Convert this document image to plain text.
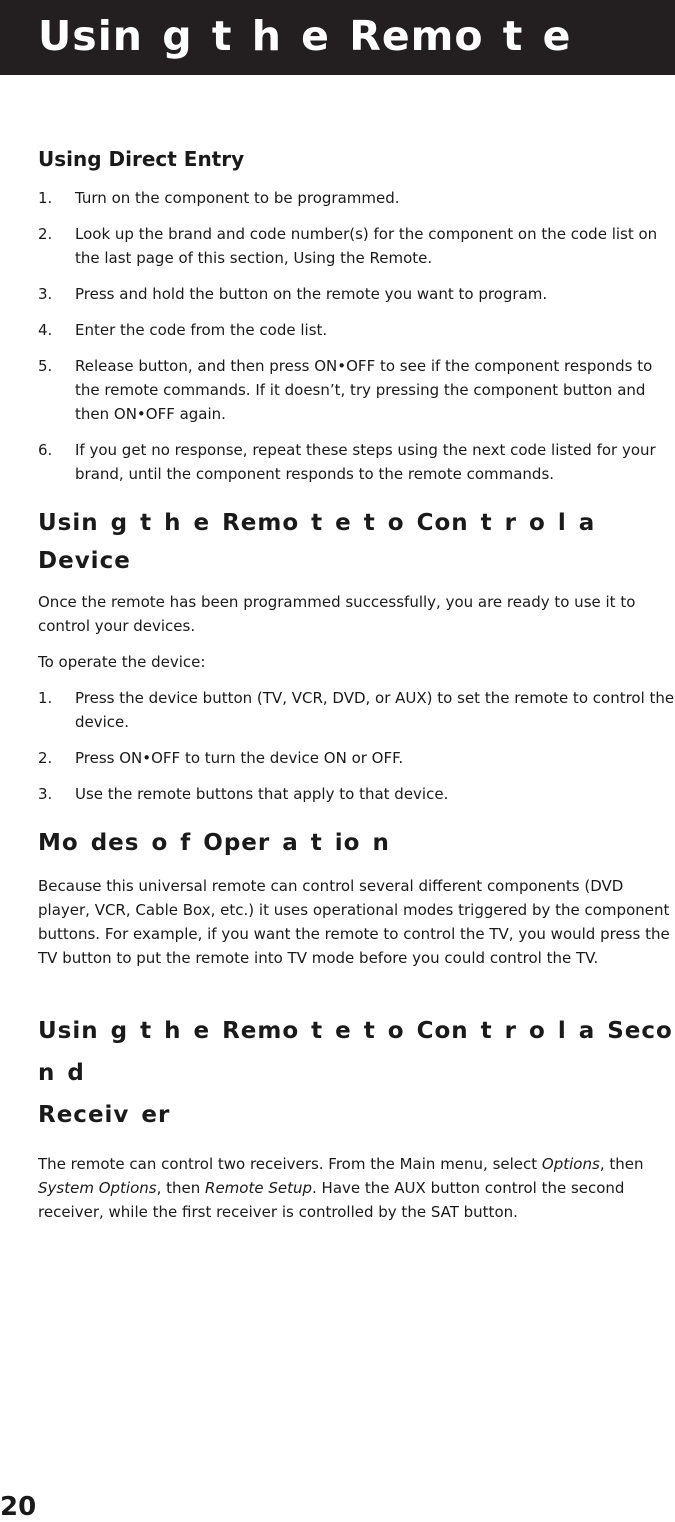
Usin g t h e Remo t e
Using Direct Entry
1. Turn on the component to be programmed.
2. Look up the brand and code number(s) for the component on the code list on the last page of this section, Using the Remote.
3. Press and hold the button on the remote you want to program.
4. Enter the code from the code list.
5. Release button, and then press ON•OFF to see if the component responds to the remote commands. If it doesn’t, try pressing the component button and then ON•OFF again.
6. If you get no response, repeat these steps using the next code listed for your brand, until the component responds to the remote commands.
Usin g t h e Remo t e t o Con t r o l a Device

Once the remote has been programmed successfully, you are ready to use it to control your devices.

To operate the device:

1. Press the device button (TV, VCR, DVD, or AUX) to set the remote to control the device.
2. Press ON•OFF to turn the device ON or OFF.
3. Use the remote buttons that apply to that device.
Mo des o f Oper a t io n

Because this universal remote can control several different components (DVD player, VCR, Cable Box, etc.) it uses operational modes triggered by the component buttons. For example, if you want the remote to control the TV, you would press the TV button to put the remote into TV mode before you could control the TV.

Usin g t h e Remo t e t o Con t r o l a Seco n d
Receiv er

The remote can control two receivers. From the Main menu, select Options, then System Options, then Remote Setup. Have the AUX button control the second receiver, while the first receiver is controlled by the SAT button.

20
